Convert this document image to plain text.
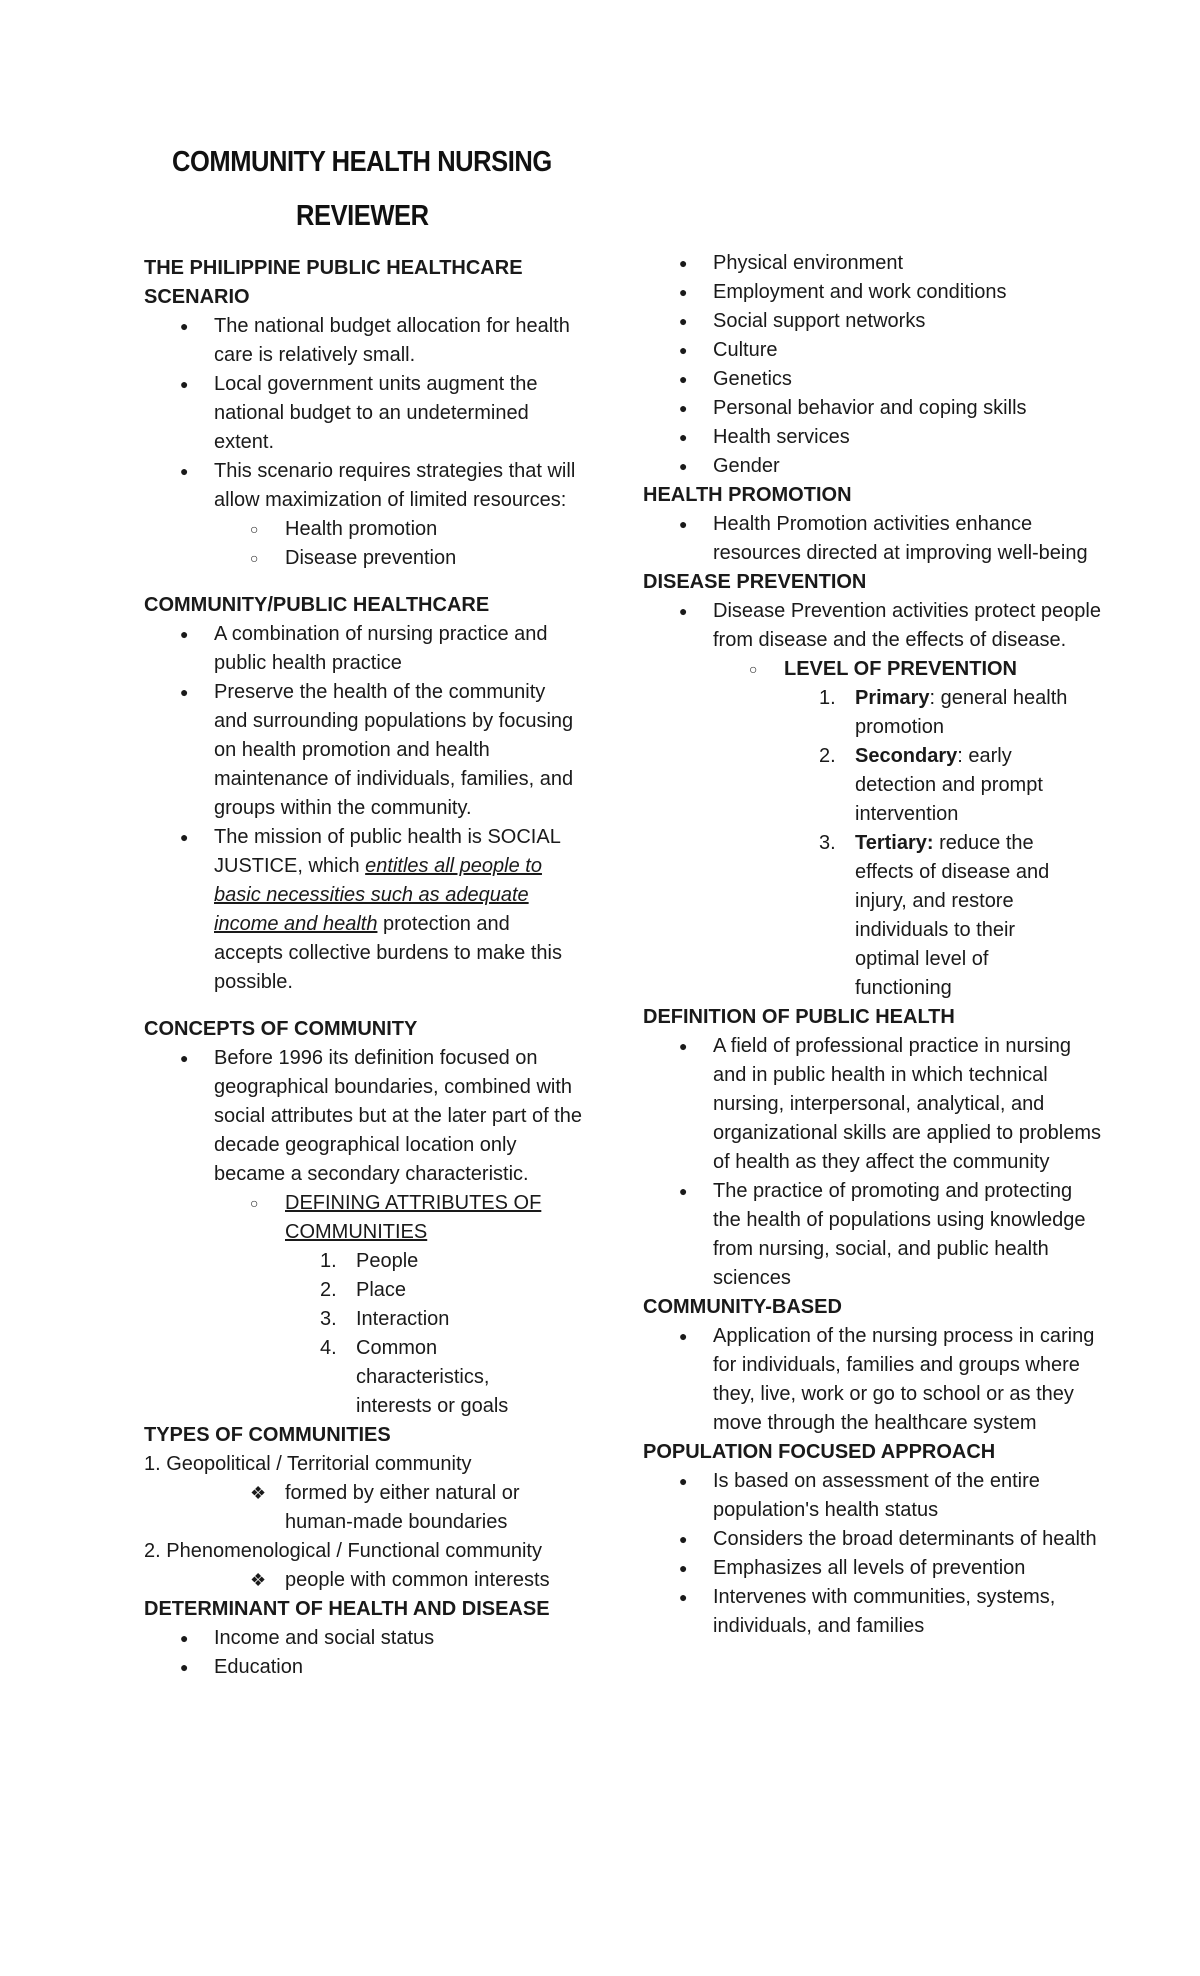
COMMUNITY HEALTH NURSING
REVIEWER

THE PHILIPPINE PUBLIC HEALTHCARE SCENARIO

● The national budget allocation for health care is relatively small.
● Local government units augment the national budget to an undetermined extent.
● This scenario requires strategies that will allow maximization of limited resources:
○ Health promotion
○ Disease prevention

COMMUNITY/PUBLIC HEALTHCARE

● A combination of nursing practice and public health practice
● Preserve the health of the community and surrounding populations by focusing on health promotion and health maintenance of individuals, families, and groups within the community.
● The mission of public health is SOCIAL JUSTICE, which entitles all people to basic necessities such as adequate income and health protection and accepts collective burdens to make this possible.

CONCEPTS OF COMMUNITY

● Before 1996 its definition focused on geographical boundaries, combined with social attributes but at the later part of the decade geographical location only became a secondary characteristic.
○ DEFINING ATTRIBUTES OF COMMUNITIES
1. People
2. Place
3. Interaction
4. Common characteristics, interests or goals

TYPES OF COMMUNITIES

1. Geopolitical / Territorial community

❖ formed by either natural or human-made boundaries

2. Phenomenological / Functional community

❖ people with common interests

DETERMINANT OF HEALTH AND DISEASE

● Income and social status
● Education
● Physical environment
● Employment and work conditions
● Social support networks
● Culture
● Genetics
● Personal behavior and coping skills
● Health services
● Gender

HEALTH PROMOTION

● Health Promotion activities enhance resources directed at improving well-being

DISEASE PREVENTION

● Disease Prevention activities protect people from disease and the effects of disease.
○ LEVEL OF PREVENTION
1. Primary: general health promotion
2. Secondary: early detection and prompt intervention
3. Tertiary: reduce the effects of disease and injury, and restore individuals to their optimal level of functioning

DEFINITION OF PUBLIC HEALTH

● A field of professional practice in nursing and in public health in which technical nursing, interpersonal, analytical, and organizational skills are applied to problems of health as they affect the community
● The practice of promoting and protecting the health of populations using knowledge from nursing, social, and public health sciences

COMMUNITY-BASED

● Application of the nursing process in caring for individuals, families and groups where they, live, work or go to school or as they move through the healthcare system

POPULATION FOCUSED APPROACH

● Is based on assessment of the entire population's health status
● Considers the broad determinants of health
● Emphasizes all levels of prevention
● Intervenes with communities, systems, individuals, and families
